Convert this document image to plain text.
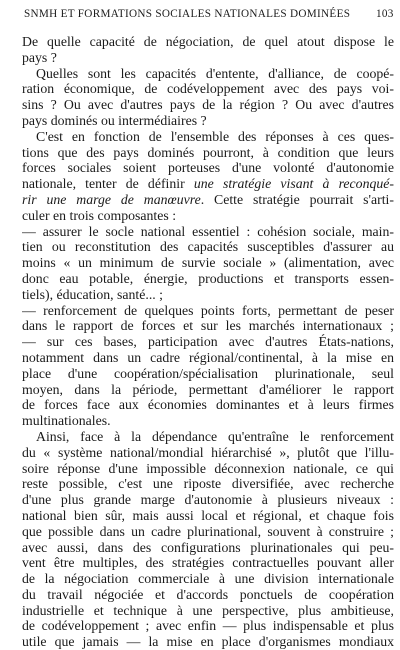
SNMH ET FORMATIONS SOCIALES NATIONALES DOMINÉES 103
De quelle capacité de négociation, de quel atout dispose le
pays ?
Quelles sont les capacités d'entente, d'alliance, de coopé-
ration économique, de codéveloppement avec des pays voi-
sins ? Ou avec d'autres pays de la région ? Ou avec d'autres
pays dominés ou intermédiaires ?
C'est en fonction de l'ensemble des réponses à ces ques-
tions que des pays dominés pourront, à condition que leurs
forces sociales soient porteuses d'une volonté d'autonomie
nationale, tenter de définir une stratégie visant à reconqué-
rir une marge de manœuvre. Cette stratégie pourrait s'arti-
culer en trois composantes :
— assurer le socle national essentiel : cohésion sociale, main-
tien ou reconstitution des capacités susceptibles d'assurer au
moins « un minimum de survie sociale » (alimentation, avec
donc eau potable, énergie, productions et transports essen-
tiels), éducation, santé... ;
— renforcement de quelques points forts, permettant de peser
dans le rapport de forces et sur les marchés internationaux ;
— sur ces bases, participation avec d'autres États-nations,
notamment dans un cadre régional/continental, à la mise en
place d'une coopération/spécialisation plurinationale, seul
moyen, dans la période, permettant d'améliorer le rapport
de forces face aux économies dominantes et à leurs firmes
multinationales.
Ainsi, face à la dépendance qu'entraîne le renforcement
du « système national/mondial hiérarchisé », plutôt que l'illu-
soire réponse d'une impossible déconnexion nationale, ce qui
reste possible, c'est une riposte diversifiée, avec recherche
d'une plus grande marge d'autonomie à plusieurs niveaux :
national bien sûr, mais aussi local et régional, et chaque fois
que possible dans un cadre plurinational, souvent à construire ;
avec aussi, dans des configurations plurinationales qui peu-
vent être multiples, des stratégies contractuelles pouvant aller
de la négociation commerciale à une division internationale
du travail négociée et d'accords ponctuels de coopération
industrielle et technique à une perspective, plus ambitieuse,
de codéveloppement ; avec enfin — plus indispensable et plus
utile que jamais — la mise en place d'organismes mondiaux
